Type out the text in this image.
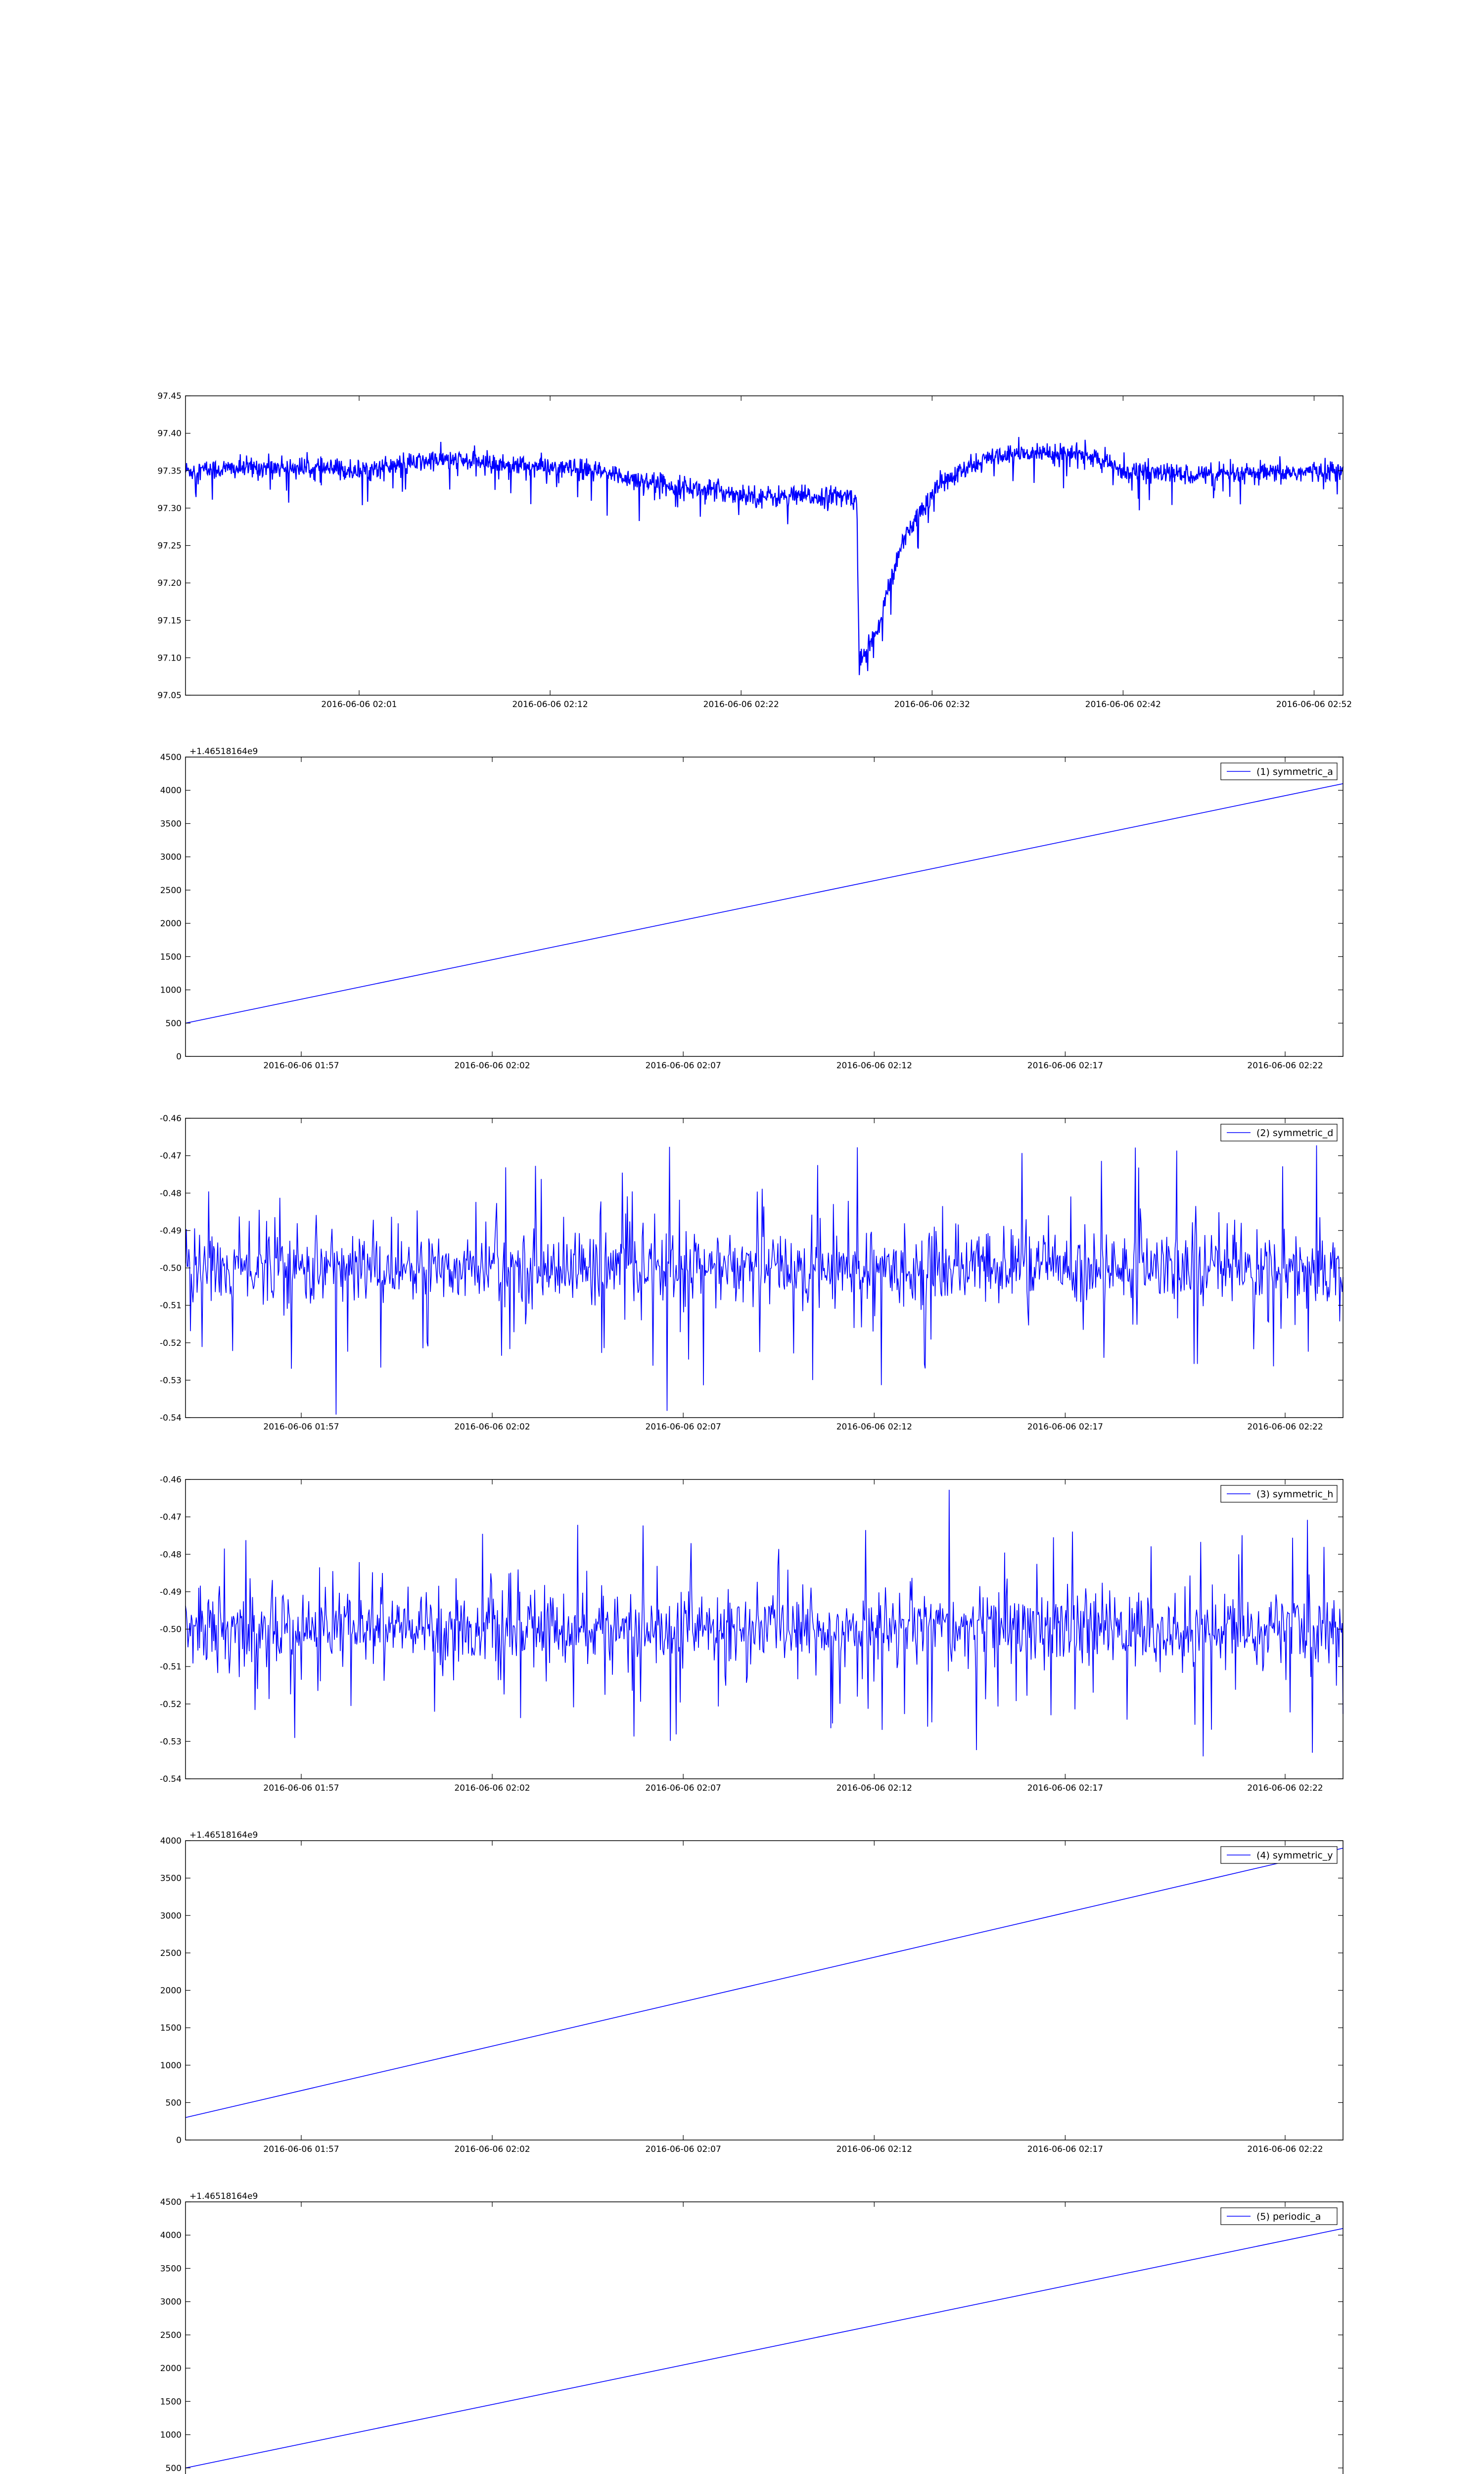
97.05
97.10
97.15
97.20
97.25
97.30
97.35
97.40
97.45
2016-06-06 02:01	2016-06-06 02:12	2016-06-06 02:22	2016-06-06 02:32	2016-06-06 02:42	2016-06-06 02:52
0
500
1000
1500
2000
2500
3000
3500
4000
4500
2016-06-06 01:57	2016-06-06 02:02	2016-06-06 02:07	2016-06-06 02:12	2016-06-06 02:17	2016-06-06 02:22
+1.46518164e9
(1) symmetric_a
-0.54
-0.53
-0.52
-0.51
-0.50
-0.49
-0.48
-0.47
-0.46
2016-06-06 01:57	2016-06-06 02:02	2016-06-06 02:07	2016-06-06 02:12	2016-06-06 02:17	2016-06-06 02:22
(2) symmetric_d
-0.54
-0.53
-0.52
-0.51
-0.50
-0.49
-0.48
-0.47
-0.46
2016-06-06 01:57	2016-06-06 02:02	2016-06-06 02:07	2016-06-06 02:12	2016-06-06 02:17	2016-06-06 02:22
(3) symmetric_h
0
500
1000
1500
2000
2500
3000
3500
4000
2016-06-06 01:57	2016-06-06 02:02	2016-06-06 02:07	2016-06-06 02:12	2016-06-06 02:17	2016-06-06 02:22
+1.46518164e9
(4) symmetric_y
500
1000
1500
2000
2500
3000
3500
4000
4500
+1.46518164e9
(5) periodic_a
